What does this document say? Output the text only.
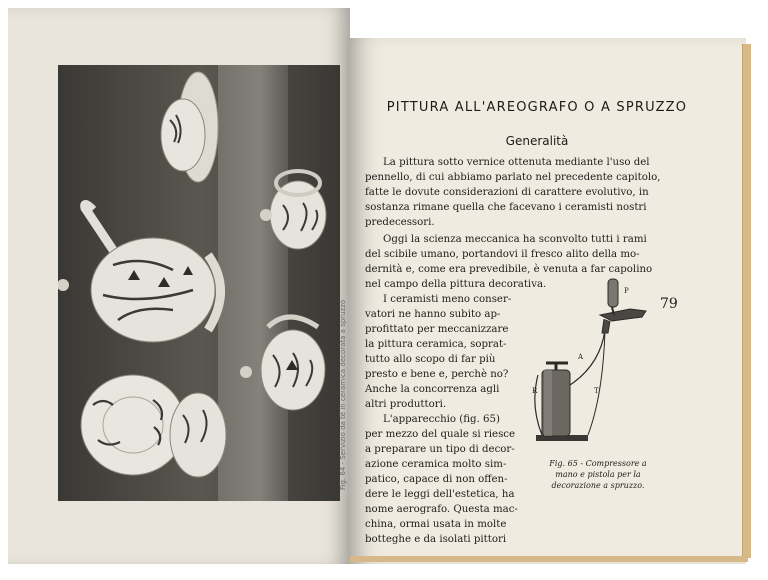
Fig. 64 - Servizio da tè in ceramica decorata a spruzzo
PITTURA ALL'AREOGRAFO O A SPRUZZO
Generalità

La pittura sotto vernice ottenuta mediante l'uso del
pennello, di cui abbiamo parlato nel precedente capitolo,
fatte le dovute considerazioni di carattere evolutivo, in
sostanza rimane quella che facevano i ceramisti nostri
predecessori.

Oggi la scienza meccanica ha sconvolto tutti i rami
del scibile umano, portandovi il fresco alito della mo-
dernità e, come era prevedibile, è venuta a far capolino
nel campo della pittura decorativa.

I ceramisti meno conser-
vatori ne hanno subito ap-
profittato per meccanizzare
la pittura ceramica, soprat-
tutto allo scopo di far più
presto e bene e, perchè no?
Anche la concorrenza agli
altri produttori.

L'apparecchio (fig. 65)
per mezzo del quale si riesce
a preparare un tipo di decor-
azione ceramica molto sim-
patico, capace di non offen-
dere le leggi dell'estetica, ha
nome aerografo. Questa mac-
china, ormai usata in molte
botteghe e da isolati pittori

79
A
R	T
P
Fig. 65 - Compressore a
mano e pistola per la
decorazione a spruzzo.
